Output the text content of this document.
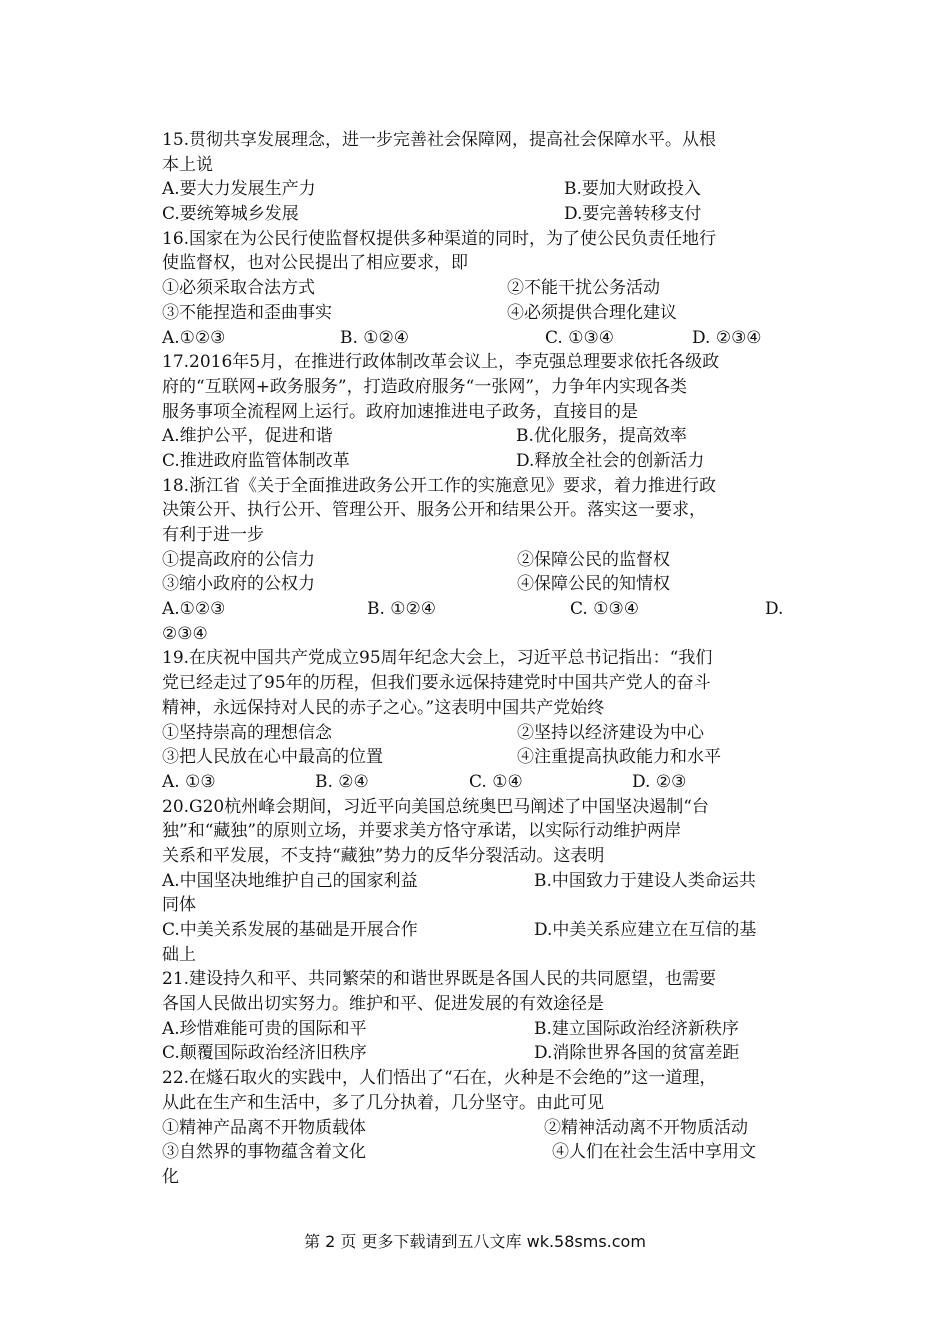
15.贯彻共享发展理念，进一步完善社会保障网，提高社会保障水平。从根
本上说
A.要大力发展生产力	B.要加大财政投入
C.要统筹城乡发展	D.要完善转移支付
16.国家在为公民行使监督权提供多种渠道的同时，为了使公民负责任地行
使监督权，也对公民提出了相应要求，即
①必须采取合法方式	②不能干扰公务活动
③不能捏造和歪曲事实	④必须提供合理化建议
A.①②③	B. ①②④	C. ①③④	D. ②③④
17.2016年5月，在推进行政体制改革会议上，李克强总理要求依托各级政
府的“互联网+政务服务”，打造政府服务“一张网”，力争年内实现各类
服务事项全流程网上运行。政府加速推进电子政务，直接目的是
A.维护公平，促进和谐	B.优化服务，提高效率
C.推进政府监管体制改革	D.释放全社会的创新活力
18.浙江省《关于全面推进政务公开工作的实施意见》要求，着力推进行政
决策公开、执行公开、管理公开、服务公开和结果公开。落实这一要求，
有利于进一步
①提高政府的公信力	②保障公民的监督权
③缩小政府的公权力	④保障公民的知情权
A.①②③	B. ①②④	C. ①③④	D.
②③④
19.在庆祝中国共产党成立95周年纪念大会上，习近平总书记指出：“我们
党已经走过了95年的历程，但我们要永远保持建党时中国共产党人的奋斗
精神，永远保持对人民的赤子之心。”这表明中国共产党始终
①坚持崇高的理想信念	②坚持以经济建设为中心
③把人民放在心中最高的位置	④注重提高执政能力和水平
A. ①③	B. ②④	C. ①④	D. ②③
20.G20杭州峰会期间，习近平向美国总统奥巴马阐述了中国坚决遏制“台
独”和“藏独”的原则立场，并要求美方恪守承诺，以实际行动维护两岸
关系和平发展，不支持“藏独”势力的反华分裂活动。这表明
A.中国坚决地维护自己的国家利益	B.中国致力于建设人类命运共
同体
C.中美关系发展的基础是开展合作	D.中美关系应建立在互信的基
础上
21.建设持久和平、共同繁荣的和谐世界既是各国人民的共同愿望，也需要
各国人民做出切实努力。维护和平、促进发展的有效途径是
A.珍惜难能可贵的国际和平	B.建立国际政治经济新秩序
C.颠覆国际政治经济旧秩序	D.消除世界各国的贫富差距
22.在燧石取火的实践中，人们悟出了“石在，火种是不会绝的”这一道理，
从此在生产和生活中，多了几分执着，几分坚守。由此可见
①精神产品离不开物质载体	②精神活动离不开物质活动
③自然界的事物蕴含着文化	④人们在社会生活中享用文
化
第 2 页 更多下载请到五八文库 wk.58sms.com
